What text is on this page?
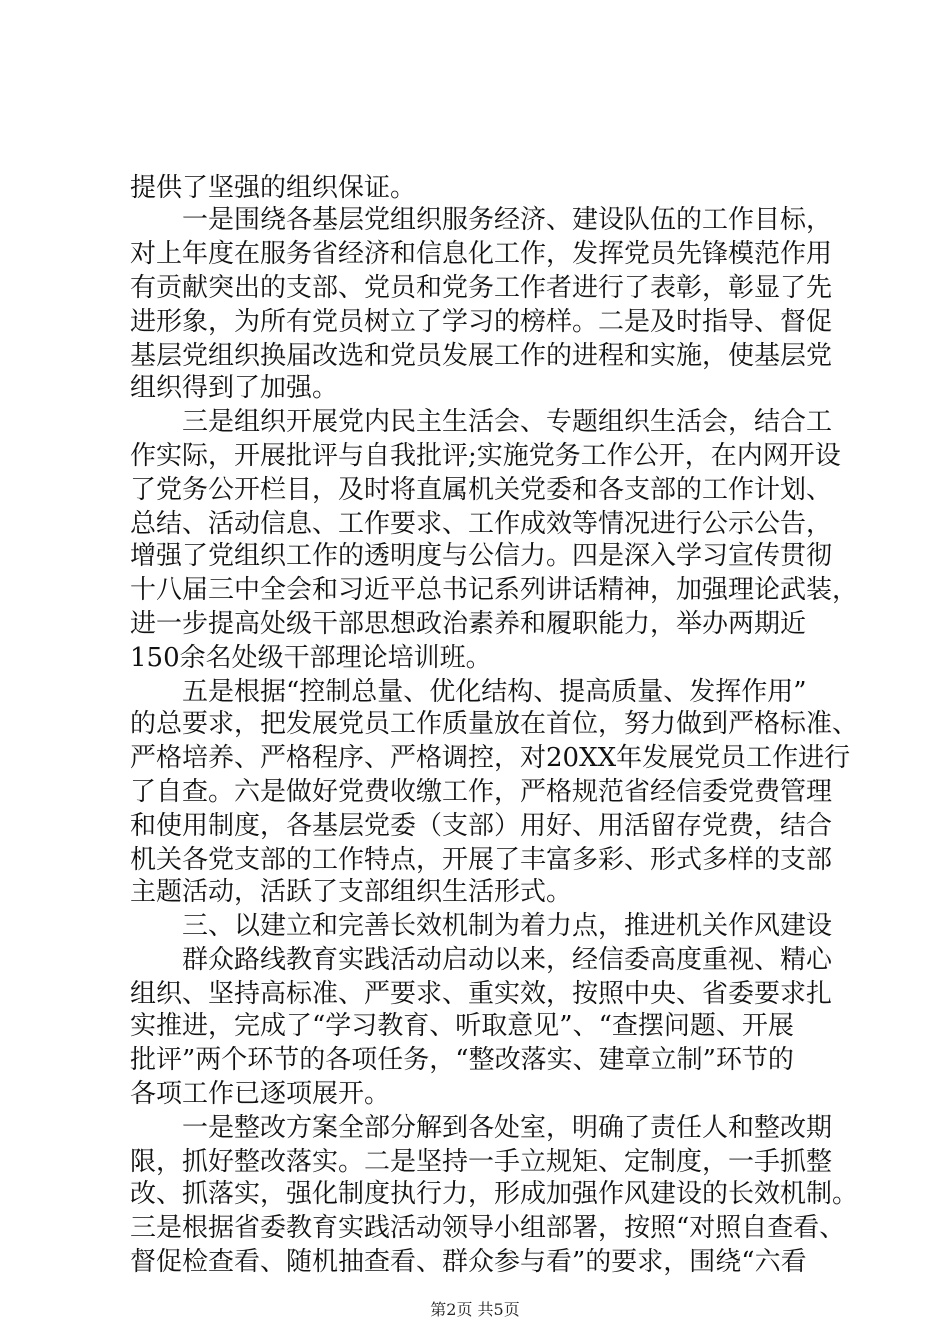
提供了坚强的组织保证。
一是围绕各基层党组织服务经济、建设队伍的工作目标，
对上年度在服务省经济和信息化工作，发挥党员先锋模范作用
有贡献突出的支部、党员和党务工作者进行了表彰，彰显了先
进形象，为所有党员树立了学习的榜样。二是及时指导、督促
基层党组织换届改选和党员发展工作的进程和实施，使基层党
组织得到了加强。
三是组织开展党内民主生活会、专题组织生活会，结合工
作实际，开展批评与自我批评;实施党务工作公开，在内网开设
了党务公开栏目，及时将直属机关党委和各支部的工作计划、
总结、活动信息、工作要求、工作成效等情况进行公示公告，
增强了党组织工作的透明度与公信力。四是深入学习宣传贯彻
十八届三中全会和习近平总书记系列讲话精神，加强理论武装，
进一步提高处级干部思想政治素养和履职能力，举办两期近
150余名处级干部理论培训班。
五是根据“控制总量、优化结构、提高质量、发挥作用”
的总要求，把发展党员工作质量放在首位，努力做到严格标准、
严格培养、严格程序、严格调控，对20XX年发展党员工作进行
了自查。六是做好党费收缴工作，严格规范省经信委党费管理
和使用制度，各基层党委（支部）用好、用活留存党费，结合
机关各党支部的工作特点，开展了丰富多彩、形式多样的支部
主题活动，活跃了支部组织生活形式。
三、以建立和完善长效机制为着力点，推进机关作风建设
群众路线教育实践活动启动以来，经信委高度重视、精心
组织、坚持高标准、严要求、重实效，按照中央、省委要求扎
实推进，完成了“学习教育、听取意见”、“查摆问题、开展
批评”两个环节的各项任务，“整改落实、建章立制”环节的
各项工作已逐项展开。
一是整改方案全部分解到各处室，明确了责任人和整改期
限，抓好整改落实。二是坚持一手立规矩、定制度，一手抓整
改、抓落实，强化制度执行力，形成加强作风建设的长效机制。
三是根据省委教育实践活动领导小组部署，按照“对照自查看、
督促检查看、随机抽查看、群众参与看”的要求，围绕“六看
第2页 共5页
